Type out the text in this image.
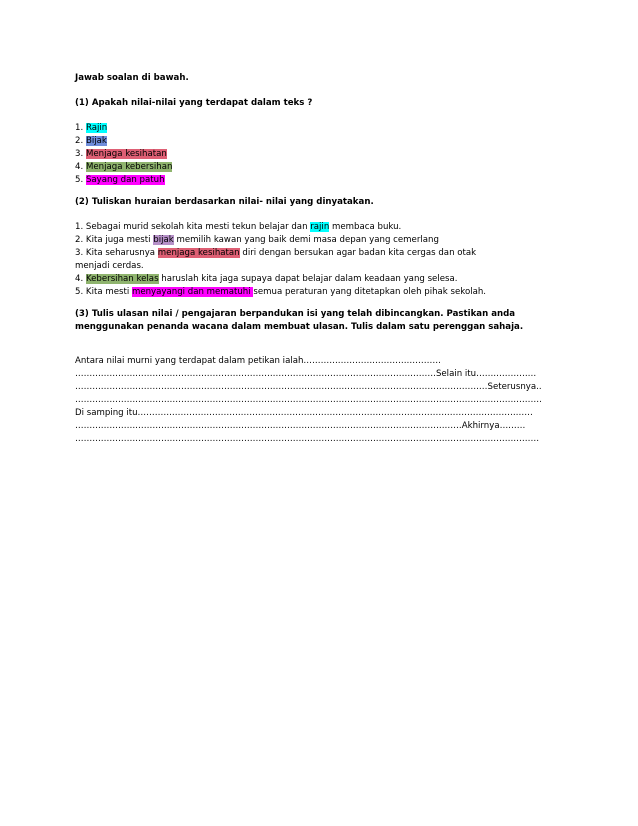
Jawab soalan di bawah.
(1) Apakah nilai-nilai yang terdapat dalam teks ?
1. Rajin
2. Bijak
3. Menjaga kesihatan
4. Menjaga kebersihan
5. Sayang dan patuh
(2) Tuliskan huraian berdasarkan nilai- nilai yang dinyatakan.
1. Sebagai murid sekolah kita mesti tekun belajar dan rajin membaca buku.
2. Kita juga mesti bijak memilih kawan yang baik demi masa depan yang cemerlang
3. Kita seharusnya menjaga kesihatan diri dengan bersukan agar badan kita cergas dan otak
menjadi cerdas.
4. Kebersihan kelas haruslah kita jaga supaya dapat belajar dalam keadaan yang selesa.
5. Kita mesti menyayangi dan mematuhi semua peraturan yang ditetapkan oleh pihak sekolah.
(3) Tulis ulasan nilai / pengajaran berpandukan isi yang telah dibincangkan. Pastikan anda
menggunakan penanda wacana dalam membuat ulasan. Tulis dalam satu perenggan sahaja.
Antara nilai murni yang terdapat dalam petikan ialah…………………………………………
………………………………………………………………………………………………………………Selain itu…………………
………………………………………………………………………………………………………………………………Seterusnya..
……………………………………………………………………………………………………………………………………………….
Di samping itu…………………………………………………………………………………………………………………………
………………………………………………………………………………………………………………………Akhirnya………
………………………………………………………………………………………………………………………………………………
